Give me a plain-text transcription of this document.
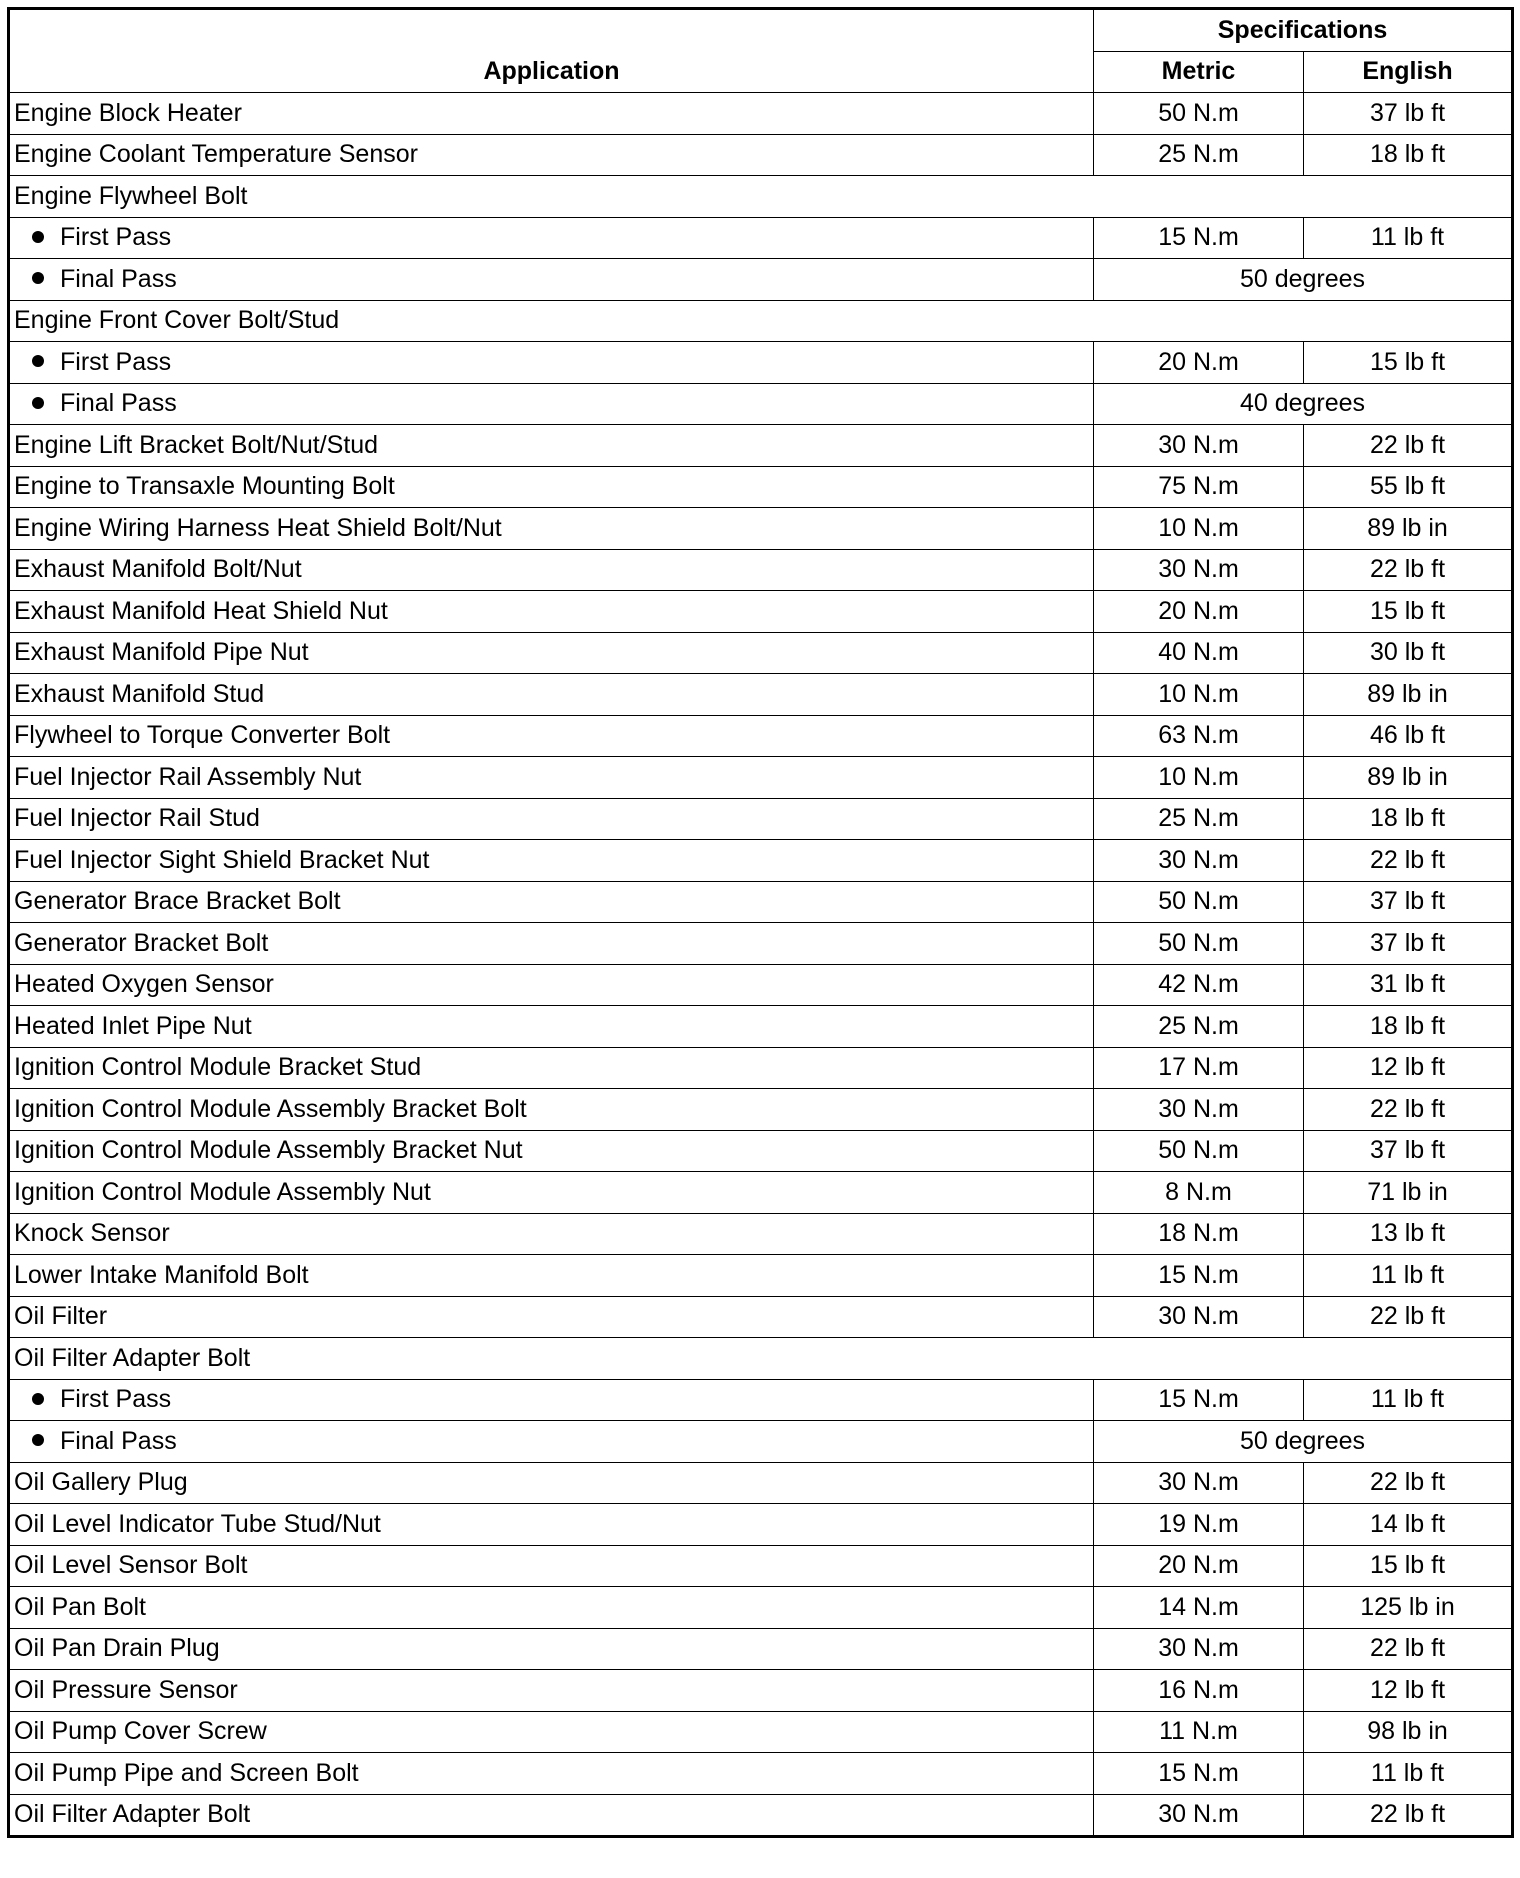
Application	Specifications	
	Metric	English
Engine Block Heater	50 N.m	37 lb ft
Engine Coolant Temperature Sensor	25 N.m	18 lb ft
Engine Flywheel Bolt		
First Pass	15 N.m	11 lb ft
Final Pass	50 degrees	
Engine Front Cover Bolt/Stud		
First Pass	20 N.m	15 lb ft
Final Pass	40 degrees	
Engine Lift Bracket Bolt/Nut/Stud	30 N.m	22 lb ft
Engine to Transaxle Mounting Bolt	75 N.m	55 lb ft
Engine Wiring Harness Heat Shield Bolt/Nut	10 N.m	89 lb in
Exhaust Manifold Bolt/Nut	30 N.m	22 lb ft
Exhaust Manifold Heat Shield Nut	20 N.m	15 lb ft
Exhaust Manifold Pipe Nut	40 N.m	30 lb ft
Exhaust Manifold Stud	10 N.m	89 lb in
Flywheel to Torque Converter Bolt	63 N.m	46 lb ft
Fuel Injector Rail Assembly Nut	10 N.m	89 lb in
Fuel Injector Rail Stud	25 N.m	18 lb ft
Fuel Injector Sight Shield Bracket Nut	30 N.m	22 lb ft
Generator Brace Bracket Bolt	50 N.m	37 lb ft
Generator Bracket Bolt	50 N.m	37 lb ft
Heated Oxygen Sensor	42 N.m	31 lb ft
Heated Inlet Pipe Nut	25 N.m	18 lb ft
Ignition Control Module Bracket Stud	17 N.m	12 lb ft
Ignition Control Module Assembly Bracket Bolt	30 N.m	22 lb ft
Ignition Control Module Assembly Bracket Nut	50 N.m	37 lb ft
Ignition Control Module Assembly Nut	8 N.m	71 lb in
Knock Sensor	18 N.m	13 lb ft
Lower Intake Manifold Bolt	15 N.m	11 lb ft
Oil Filter	30 N.m	22 lb ft
Oil Filter Adapter Bolt		
First Pass	15 N.m	11 lb ft
Final Pass	50 degrees	
Oil Gallery Plug	30 N.m	22 lb ft
Oil Level Indicator Tube Stud/Nut	19 N.m	14 lb ft
Oil Level Sensor Bolt	20 N.m	15 lb ft
Oil Pan Bolt	14 N.m	125 lb in
Oil Pan Drain Plug	30 N.m	22 lb ft
Oil Pressure Sensor	16 N.m	12 lb ft
Oil Pump Cover Screw	11 N.m	98 lb in
Oil Pump Pipe and Screen Bolt	15 N.m	11 lb ft
Oil Filter Adapter Bolt	30 N.m	22 lb ft
